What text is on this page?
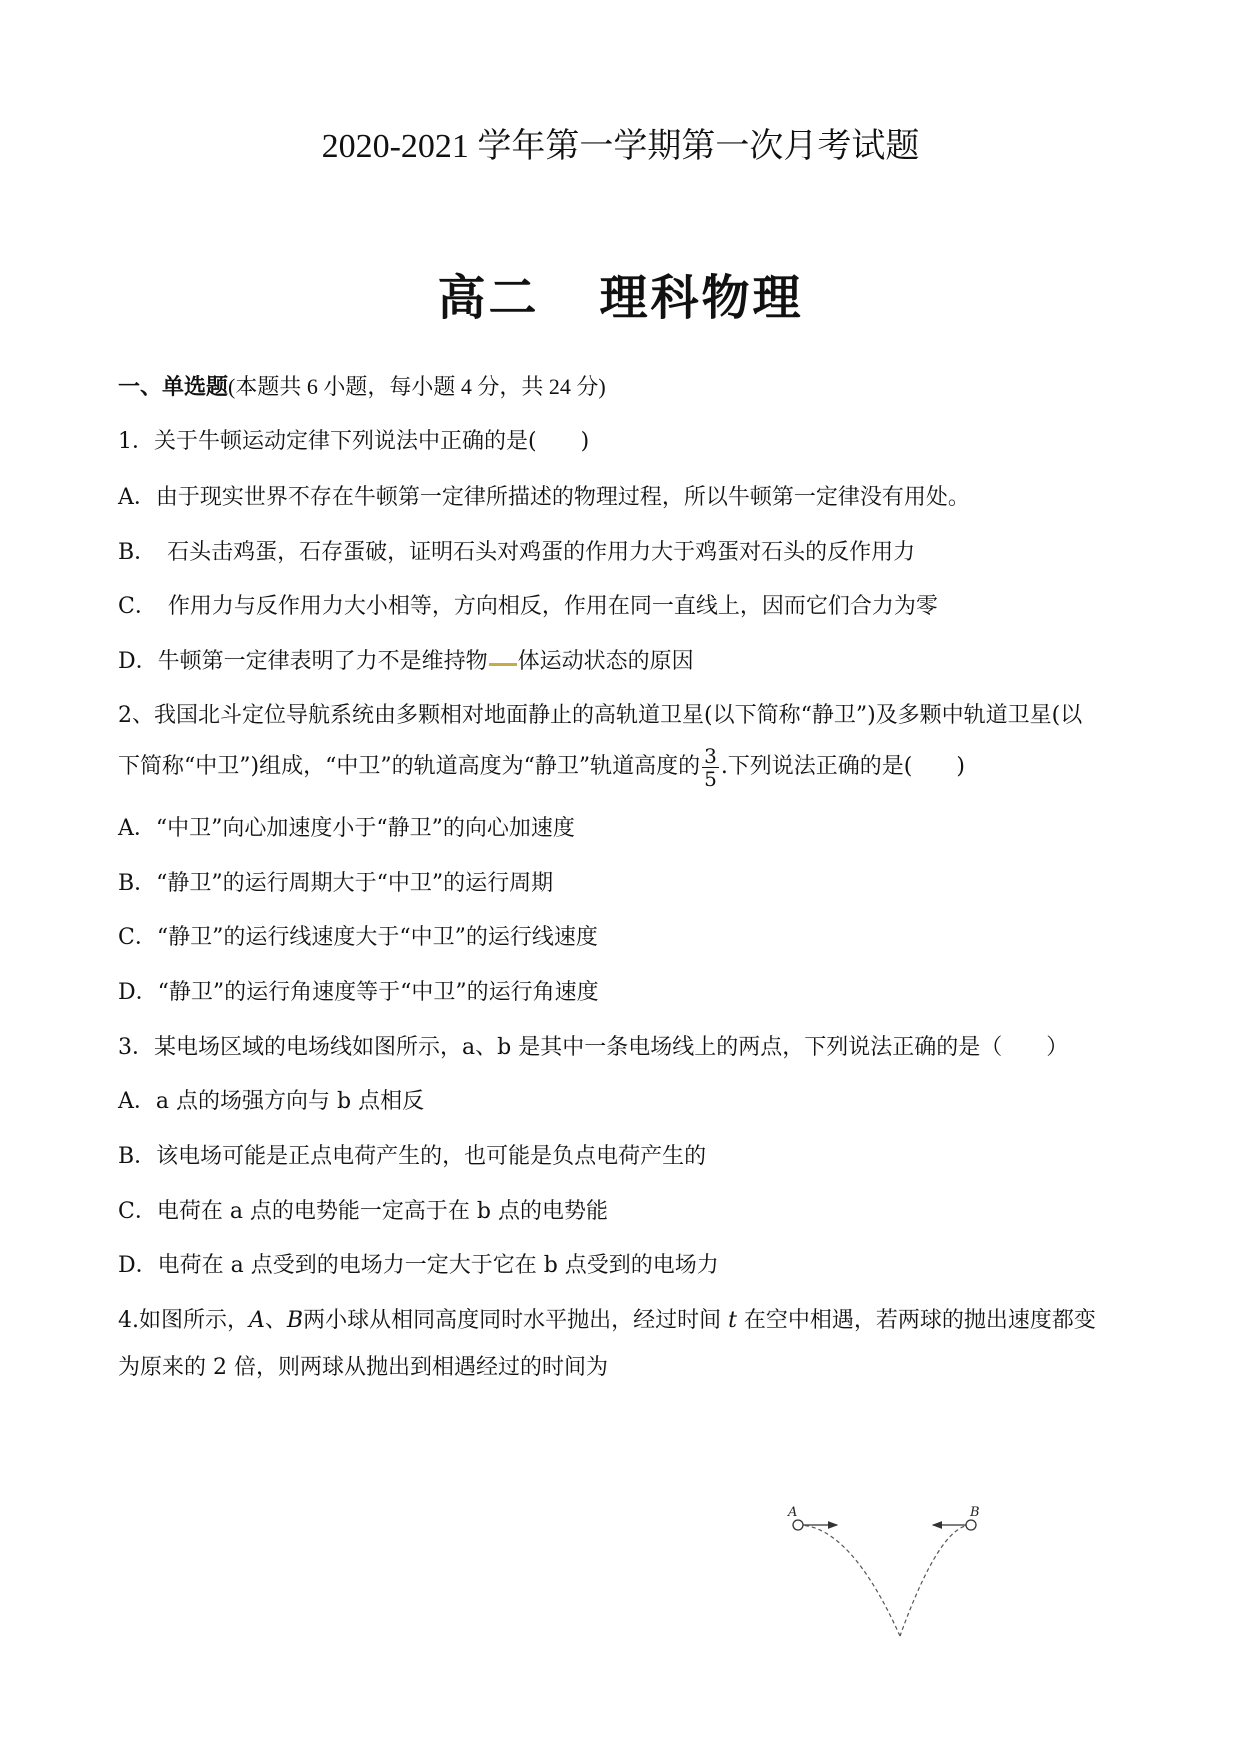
2020-2021 学年第一学期第一次月考试题
高二 理科物理
一、单选题(本题共 6 小题，每小题 4 分，共 24 分)
1．关于牛顿运动定律下列说法中正确的是(　　)
A．由于现实世界不存在牛顿第一定律所描述的物理过程，所以牛顿第一定律没有用处。
B．　石头击鸡蛋，石存蛋破，证明石头对鸡蛋的作用力大于鸡蛋对石头的反作用力
C．　作用力与反作用力大小相等，方向相反，作用在同一直线上，因而它们合力为零
D．牛顿第一定律表明了力不是维持物 体运动状态的原因
2、我国北斗定位导航系统由多颗相对地面静止的高轨道卫星(以下简称“静卫”)及多颗中轨道卫星(以
下简称“中卫”)组成，“中卫”的轨道高度为“静卫”轨道高度的 $\frac{3}{5}$ .下列说法正确的是(　　)
A．“中卫”向心加速度小于“静卫”的向心加速度
B．“静卫”的运行周期大于“中卫”的运行周期
C．“静卫”的运行线速度大于“中卫”的运行线速度
D．“静卫”的运行角速度等于“中卫”的运行角速度
3．某电场区域的电场线如图所示，a、b 是其中一条电场线上的两点，下列说法正确的是（　　）
A．a 点的场强方向与 b 点相反
B．该电场可能是正点电荷产生的，也可能是负点电荷产生的
C．电荷在 a 点的电势能一定高于在 b 点的电势能
D．电荷在 a 点受到的电场力一定大于它在 b 点受到的电场力
4.如图所示，A、B两小球从相同高度同时水平抛出，经过时间 t 在空中相遇，若两球的抛出速度都变
为原来的 2 倍，则两球从抛出到相遇经过的时间为
A	B
